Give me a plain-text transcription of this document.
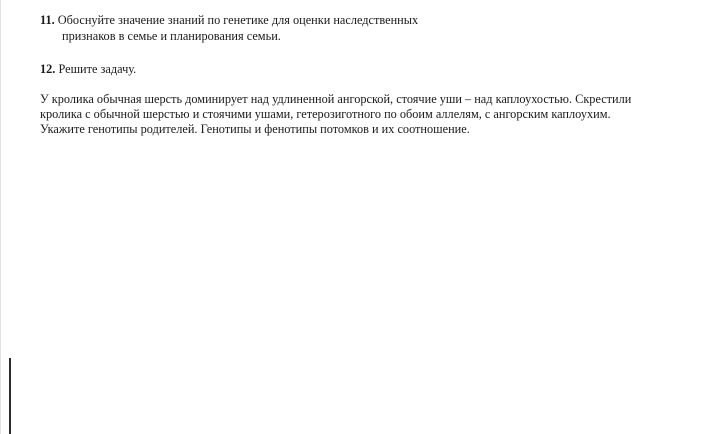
11. Обоснуйте значение знаний по генетике для оценки наследственных
признаков в семье и планирования семьи.
12. Решите задачу.
У кролика обычная шерсть доминирует над удлиненной ангорской, стоячие уши – над каплоухостью. Скрестили
кролика с обычной шерстью и стоячими ушами, гетерозиготного по обоим аллелям, с ангорским каплоухим.
Укажите генотипы родителей. Генотипы и фенотипы потомков и их соотношение.
